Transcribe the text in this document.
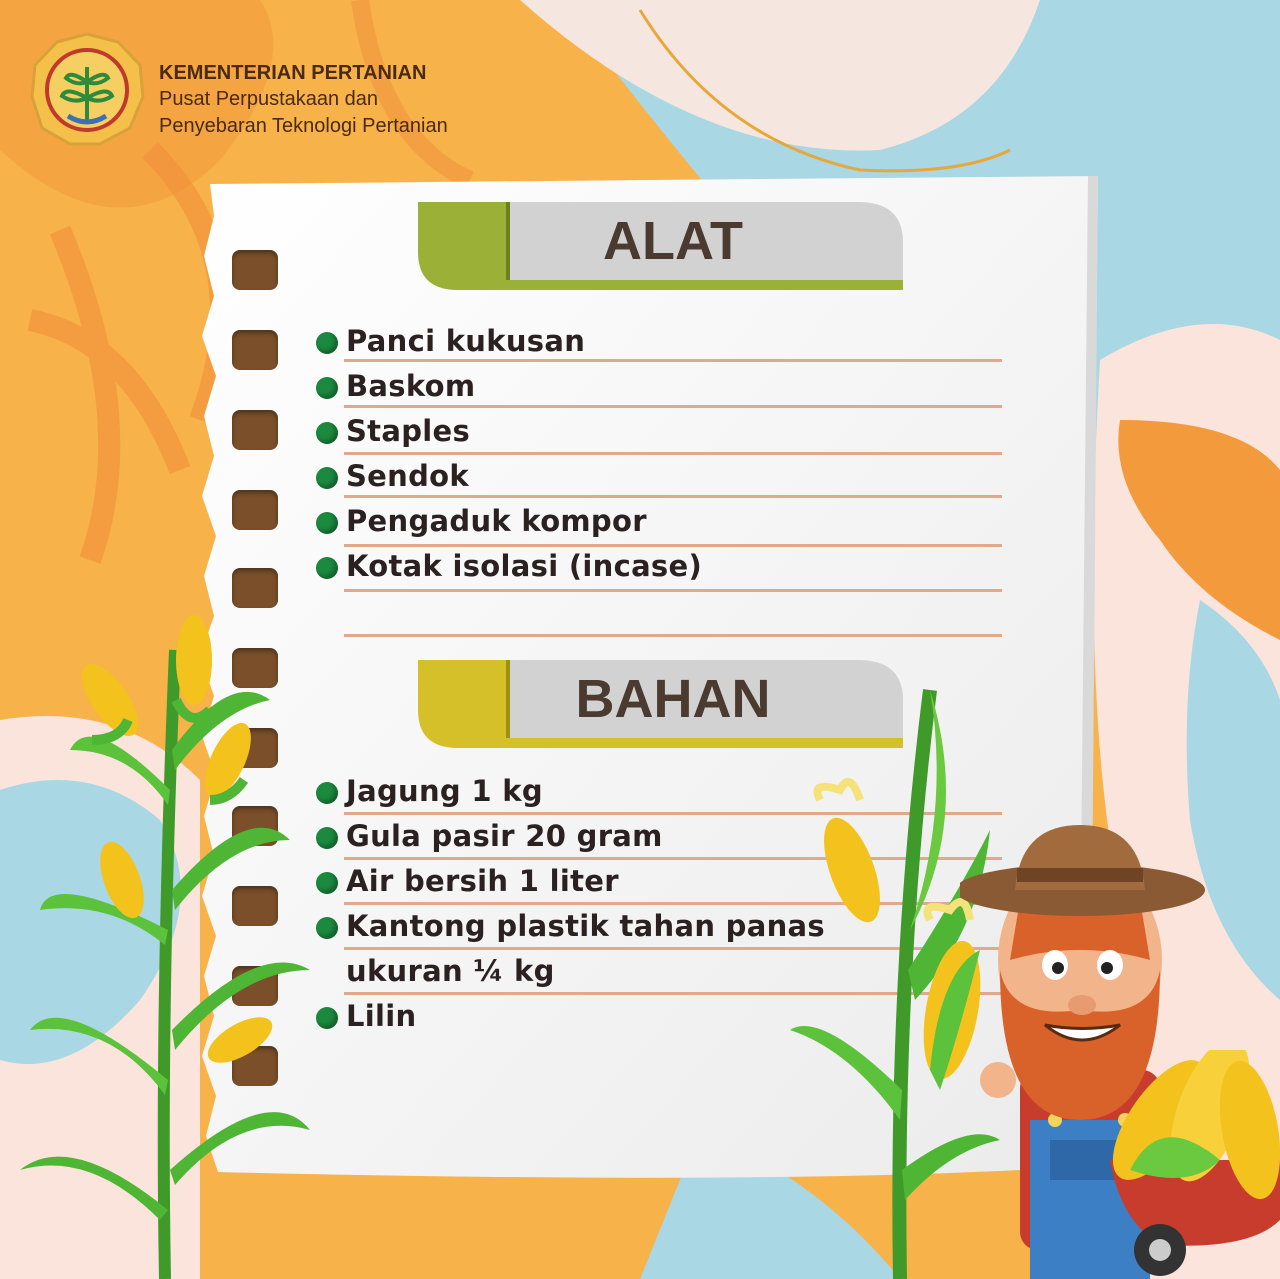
KEMENTERIAN PERTANIAN
Pusat Perpustakaan dan
Penyebaran Teknologi Pertanian
ALAT
Panci kukusan
Baskom
Staples
Sendok
Pengaduk kompor
Kotak isolasi (incase)
BAHAN
Jagung 1 kg
Gula pasir 20 gram
Air bersih 1 liter
Kantong plastik tahan panas
ukuran ¼ kg
Lilin
